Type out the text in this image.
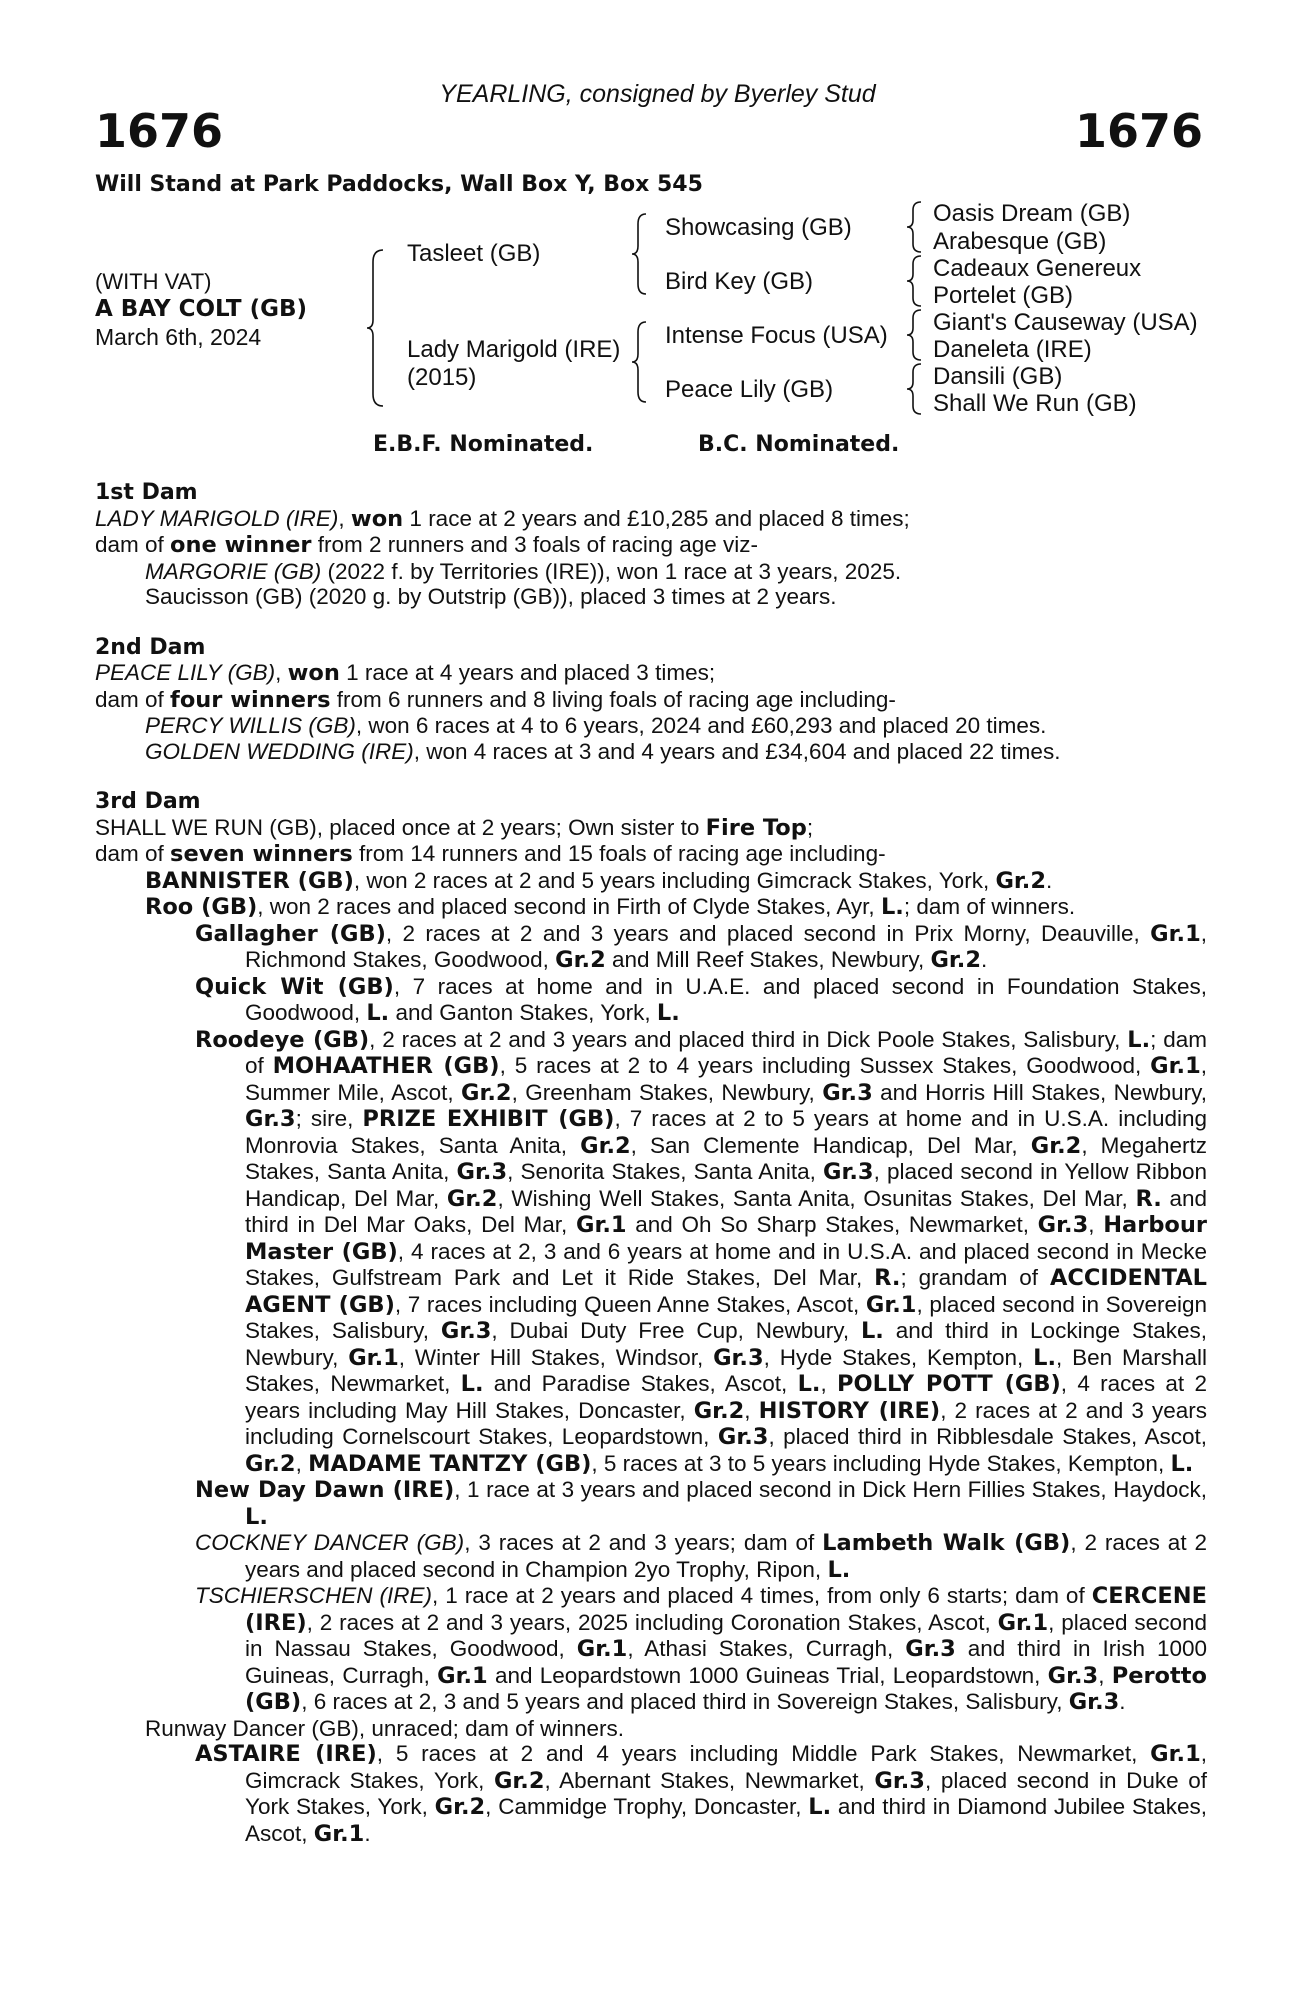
YEARLING, consigned by Byerley Stud
1676	1676
Will Stand at Park Paddocks, Wall Box Y, Box 545
(WITH VAT)
A BAY COLT (GB)
March 6th, 2024
Tasleet (GB)
Lady Marigold (IRE)
(2015)
Showcasing (GB)
Bird Key (GB)
Intense Focus (USA)
Peace Lily (GB)
Oasis Dream (GB)
Arabesque (GB)
Cadeaux Genereux
Portelet (GB)
Giant's Causeway (USA)
Daneleta (IRE)
Dansili (GB)
Shall We Run (GB)
E.B.F. Nominated.	B.C. Nominated.
1st Dam
LADY MARIGOLD (IRE), won 1 race at 2 years and £10,285 and placed 8 times;
dam of one winner from 2 runners and 3 foals of racing age viz-
MARGORIE (GB) (2022 f. by Territories (IRE)), won 1 race at 3 years, 2025.
Saucisson (GB) (2020 g. by Outstrip (GB)), placed 3 times at 2 years.
2nd Dam
PEACE LILY (GB), won 1 race at 4 years and placed 3 times;
dam of four winners from 6 runners and 8 living foals of racing age including-
PERCY WILLIS (GB), won 6 races at 4 to 6 years, 2024 and £60,293 and placed 20 times.
GOLDEN WEDDING (IRE), won 4 races at 3 and 4 years and £34,604 and placed 22 times.
3rd Dam
SHALL WE RUN (GB), placed once at 2 years; Own sister to Fire Top;
dam of seven winners from 14 runners and 15 foals of racing age including-
BANNISTER (GB), won 2 races at 2 and 5 years including Gimcrack Stakes, York, Gr.2.
Roo (GB), won 2 races and placed second in Firth of Clyde Stakes, Ayr, L.; dam of winners.
Gallagher (GB), 2 races at 2 and 3 years and placed second in Prix Morny, Deauville, Gr.1, Richmond Stakes, Goodwood, Gr.2 and Mill Reef Stakes, Newbury, Gr.2.
Quick Wit (GB), 7 races at home and in U.A.E. and placed second in Foundation Stakes, Goodwood, L. and Ganton Stakes, York, L.
Roodeye (GB), 2 races at 2 and 3 years and placed third in Dick Poole Stakes, Salisbury, L.; dam of MOHAATHER (GB), 5 races at 2 to 4 years including Sussex Stakes, Goodwood, Gr.1, Summer Mile, Ascot, Gr.2, Greenham Stakes, Newbury, Gr.3 and Horris Hill Stakes, Newbury, Gr.3; sire, PRIZE EXHIBIT (GB), 7 races at 2 to 5 years at home and in U.S.A. including Monrovia Stakes, Santa Anita, Gr.2, San Clemente Handicap, Del Mar, Gr.2, Megahertz Stakes, Santa Anita, Gr.3, Senorita Stakes, Santa Anita, Gr.3, placed second in Yellow Ribbon Handicap, Del Mar, Gr.2, Wishing Well Stakes, Santa Anita, Osunitas Stakes, Del Mar, R. and third in Del Mar Oaks, Del Mar, Gr.1 and Oh So Sharp Stakes, Newmarket, Gr.3, Harbour Master (GB), 4 races at 2, 3 and 6 years at home and in U.S.A. and placed second in Mecke Stakes, Gulfstream Park and Let it Ride Stakes, Del Mar, R.; grandam of ACCIDENTAL AGENT (GB), 7 races including Queen Anne Stakes, Ascot, Gr.1, placed second in Sovereign Stakes, Salisbury, Gr.3, Dubai Duty Free Cup, Newbury, L. and third in Lockinge Stakes, Newbury, Gr.1, Winter Hill Stakes, Windsor, Gr.3, Hyde Stakes, Kempton, L., Ben Marshall Stakes, Newmarket, L. and Paradise Stakes, Ascot, L., POLLY POTT (GB), 4 races at 2 years including May Hill Stakes, Doncaster, Gr.2, HISTORY (IRE), 2 races at 2 and 3 years including Cornelscourt Stakes, Leopardstown, Gr.3, placed third in Ribblesdale Stakes, Ascot, Gr.2, MADAME TANTZY (GB), 5 races at 3 to 5 years including Hyde Stakes, Kempton, L.
New Day Dawn (IRE), 1 race at 3 years and placed second in Dick Hern Fillies Stakes, Haydock, L.
COCKNEY DANCER (GB), 3 races at 2 and 3 years; dam of Lambeth Walk (GB), 2 races at 2 years and placed second in Champion 2yo Trophy, Ripon, L.
TSCHIERSCHEN (IRE), 1 race at 2 years and placed 4 times, from only 6 starts; dam of CERCENE (IRE), 2 races at 2 and 3 years, 2025 including Coronation Stakes, Ascot, Gr.1, placed second in Nassau Stakes, Goodwood, Gr.1, Athasi Stakes, Curragh, Gr.3 and third in Irish 1000 Guineas, Curragh, Gr.1 and Leopardstown 1000 Guineas Trial, Leopardstown, Gr.3, Perotto (GB), 6 races at 2, 3 and 5 years and placed third in Sovereign Stakes, Salisbury, Gr.3.
Runway Dancer (GB), unraced; dam of winners.
ASTAIRE (IRE), 5 races at 2 and 4 years including Middle Park Stakes, Newmarket, Gr.1, Gimcrack Stakes, York, Gr.2, Abernant Stakes, Newmarket, Gr.3, placed second in Duke of York Stakes, York, Gr.2, Cammidge Trophy, Doncaster, L. and third in Diamond Jubilee Stakes, Ascot, Gr.1.
